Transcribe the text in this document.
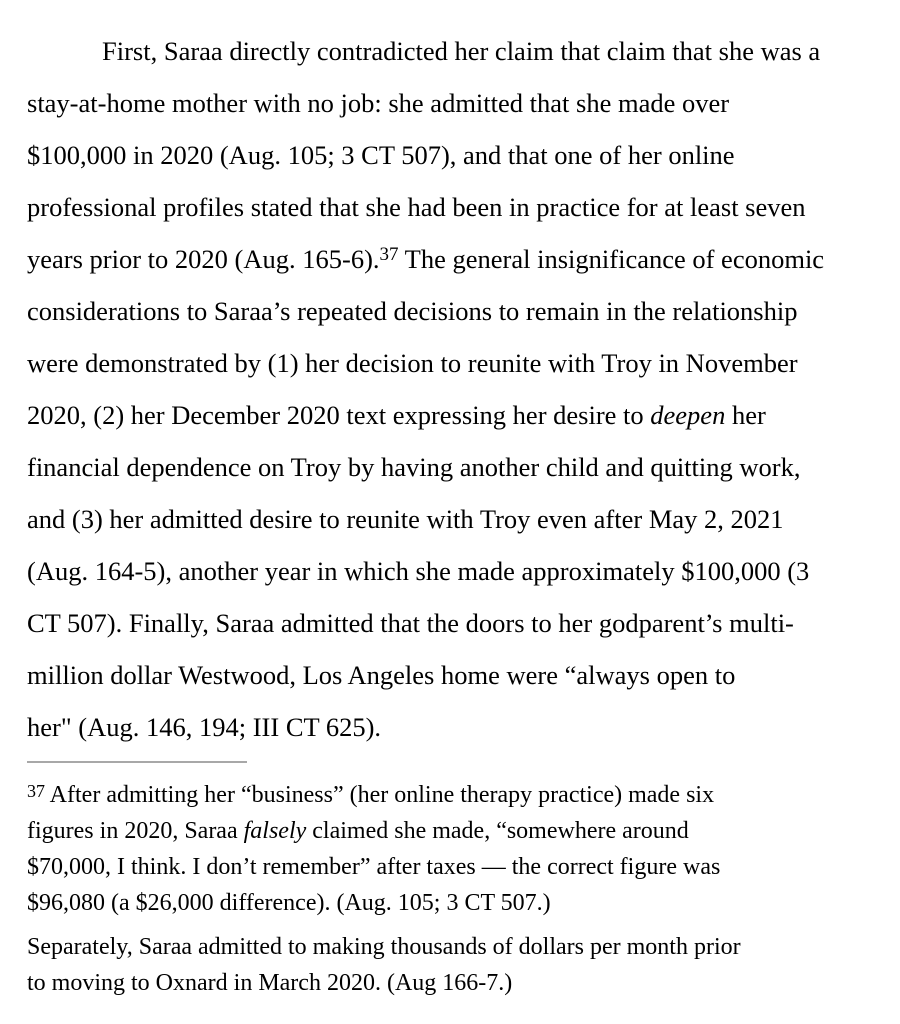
First, Saraa directly contradicted her claim that claim that she was a
stay-at-home mother with no job: she admitted that she made over
$100,000 in 2020 (Aug. 105; 3 CT 507), and that one of her online
professional profiles stated that she had been in practice for at least seven
years prior to 2020 (Aug. 165-6).$^{37}$ The general insignificance of economic
considerations to Saraa’s repeated decisions to remain in the relationship
were demonstrated by (1) her decision to reunite with Troy in November
2020, (2) her December 2020 text expressing her desire to deepen her
financial dependence on Troy by having another child and quitting work,
and (3) her admitted desire to reunite with Troy even after May 2, 2021
(Aug. 164-5), another year in which she made approximately $100,000 (3
CT 507). Finally, Saraa admitted that the doors to her godparent’s multi-
million dollar Westwood, Los Angeles home were “always open to
her" (Aug. 146, 194; III CT 625).
$^{37}$ After admitting her “business” (her online therapy practice) made six
figures in 2020, Saraa falsely claimed she made, “somewhere around
$70,000, I think. I don’t remember” after taxes — the correct figure was
$96,080 (a $26,000 difference). (Aug. 105; 3 CT 507.)
Separately, Saraa admitted to making thousands of dollars per month prior
to moving to Oxnard in March 2020. (Aug 166-7.)
